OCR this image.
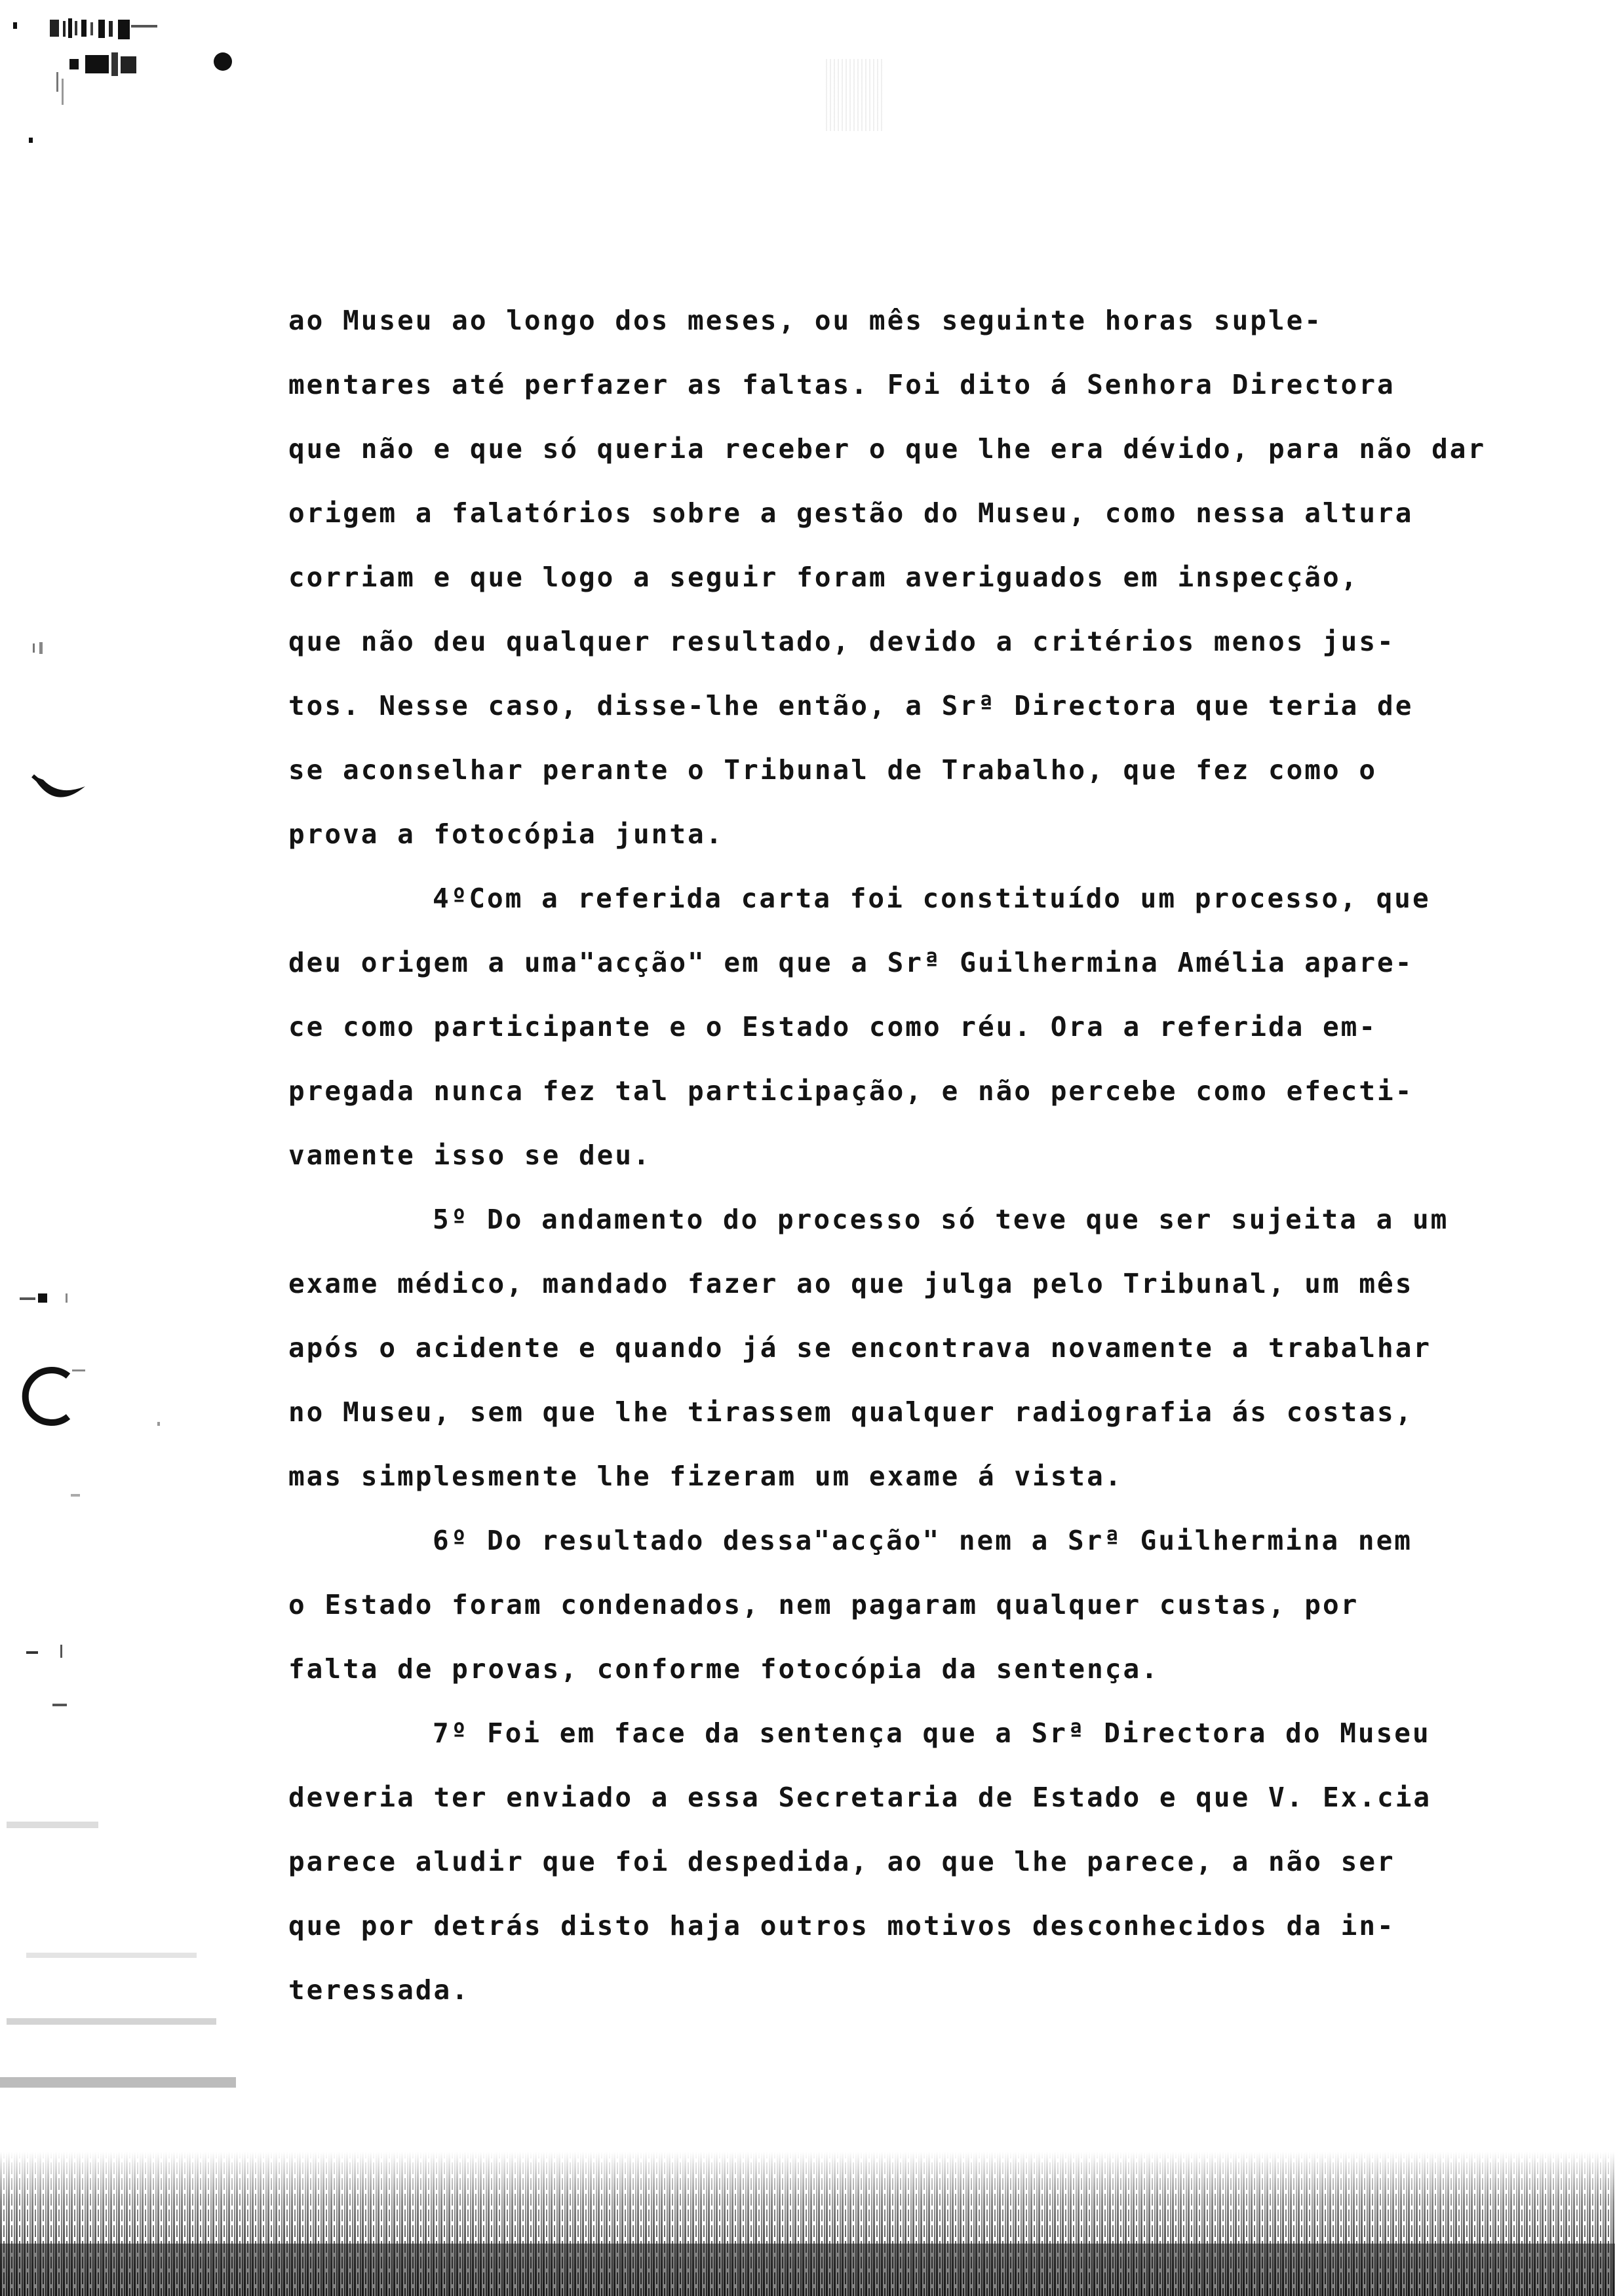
ao Museu ao longo dos meses, ou mês seguinte horas suple-
mentares até perfazer as faltas. Foi dito á Senhora Directora
que não e que só queria receber o que lhe era dévido, para não dar
origem a falatórios sobre a gestão do Museu, como nessa altura
corriam e que logo a seguir foram averiguados em inspecção,
que não deu qualquer resultado, devido a critérios menos jus-
tos. Nesse caso, disse-lhe então, a Srª Directora que teria de
se aconselhar perante o Tribunal de Trabalho, que fez como o
prova a fotocópia junta.
4ºCom a referida carta foi constituído um processo, que
deu origem a uma"acção" em que a Srª Guilhermina Amélia apare-
ce como participante e o Estado como réu. Ora a referida em-
pregada nunca fez tal participação, e não percebe como efecti-
vamente isso se deu.
5º Do andamento do processo só teve que ser sujeita a um
exame médico, mandado fazer ao que julga pelo Tribunal, um mês
após o acidente e quando já se encontrava novamente a trabalhar
no Museu, sem que lhe tirassem qualquer radiografia ás costas,
mas simplesmente lhe fizeram um exame á vista.
6º Do resultado dessa"acção" nem a Srª Guilhermina nem
o Estado foram condenados, nem pagaram qualquer custas, por
falta de provas, conforme fotocópia da sentença.
7º Foi em face da sentença que a Srª Directora do Museu
deveria ter enviado a essa Secretaria de Estado e que V. Ex.cia
parece aludir que foi despedida, ao que lhe parece, a não ser
que por detrás disto haja outros motivos desconhecidos da in-
teressada.
